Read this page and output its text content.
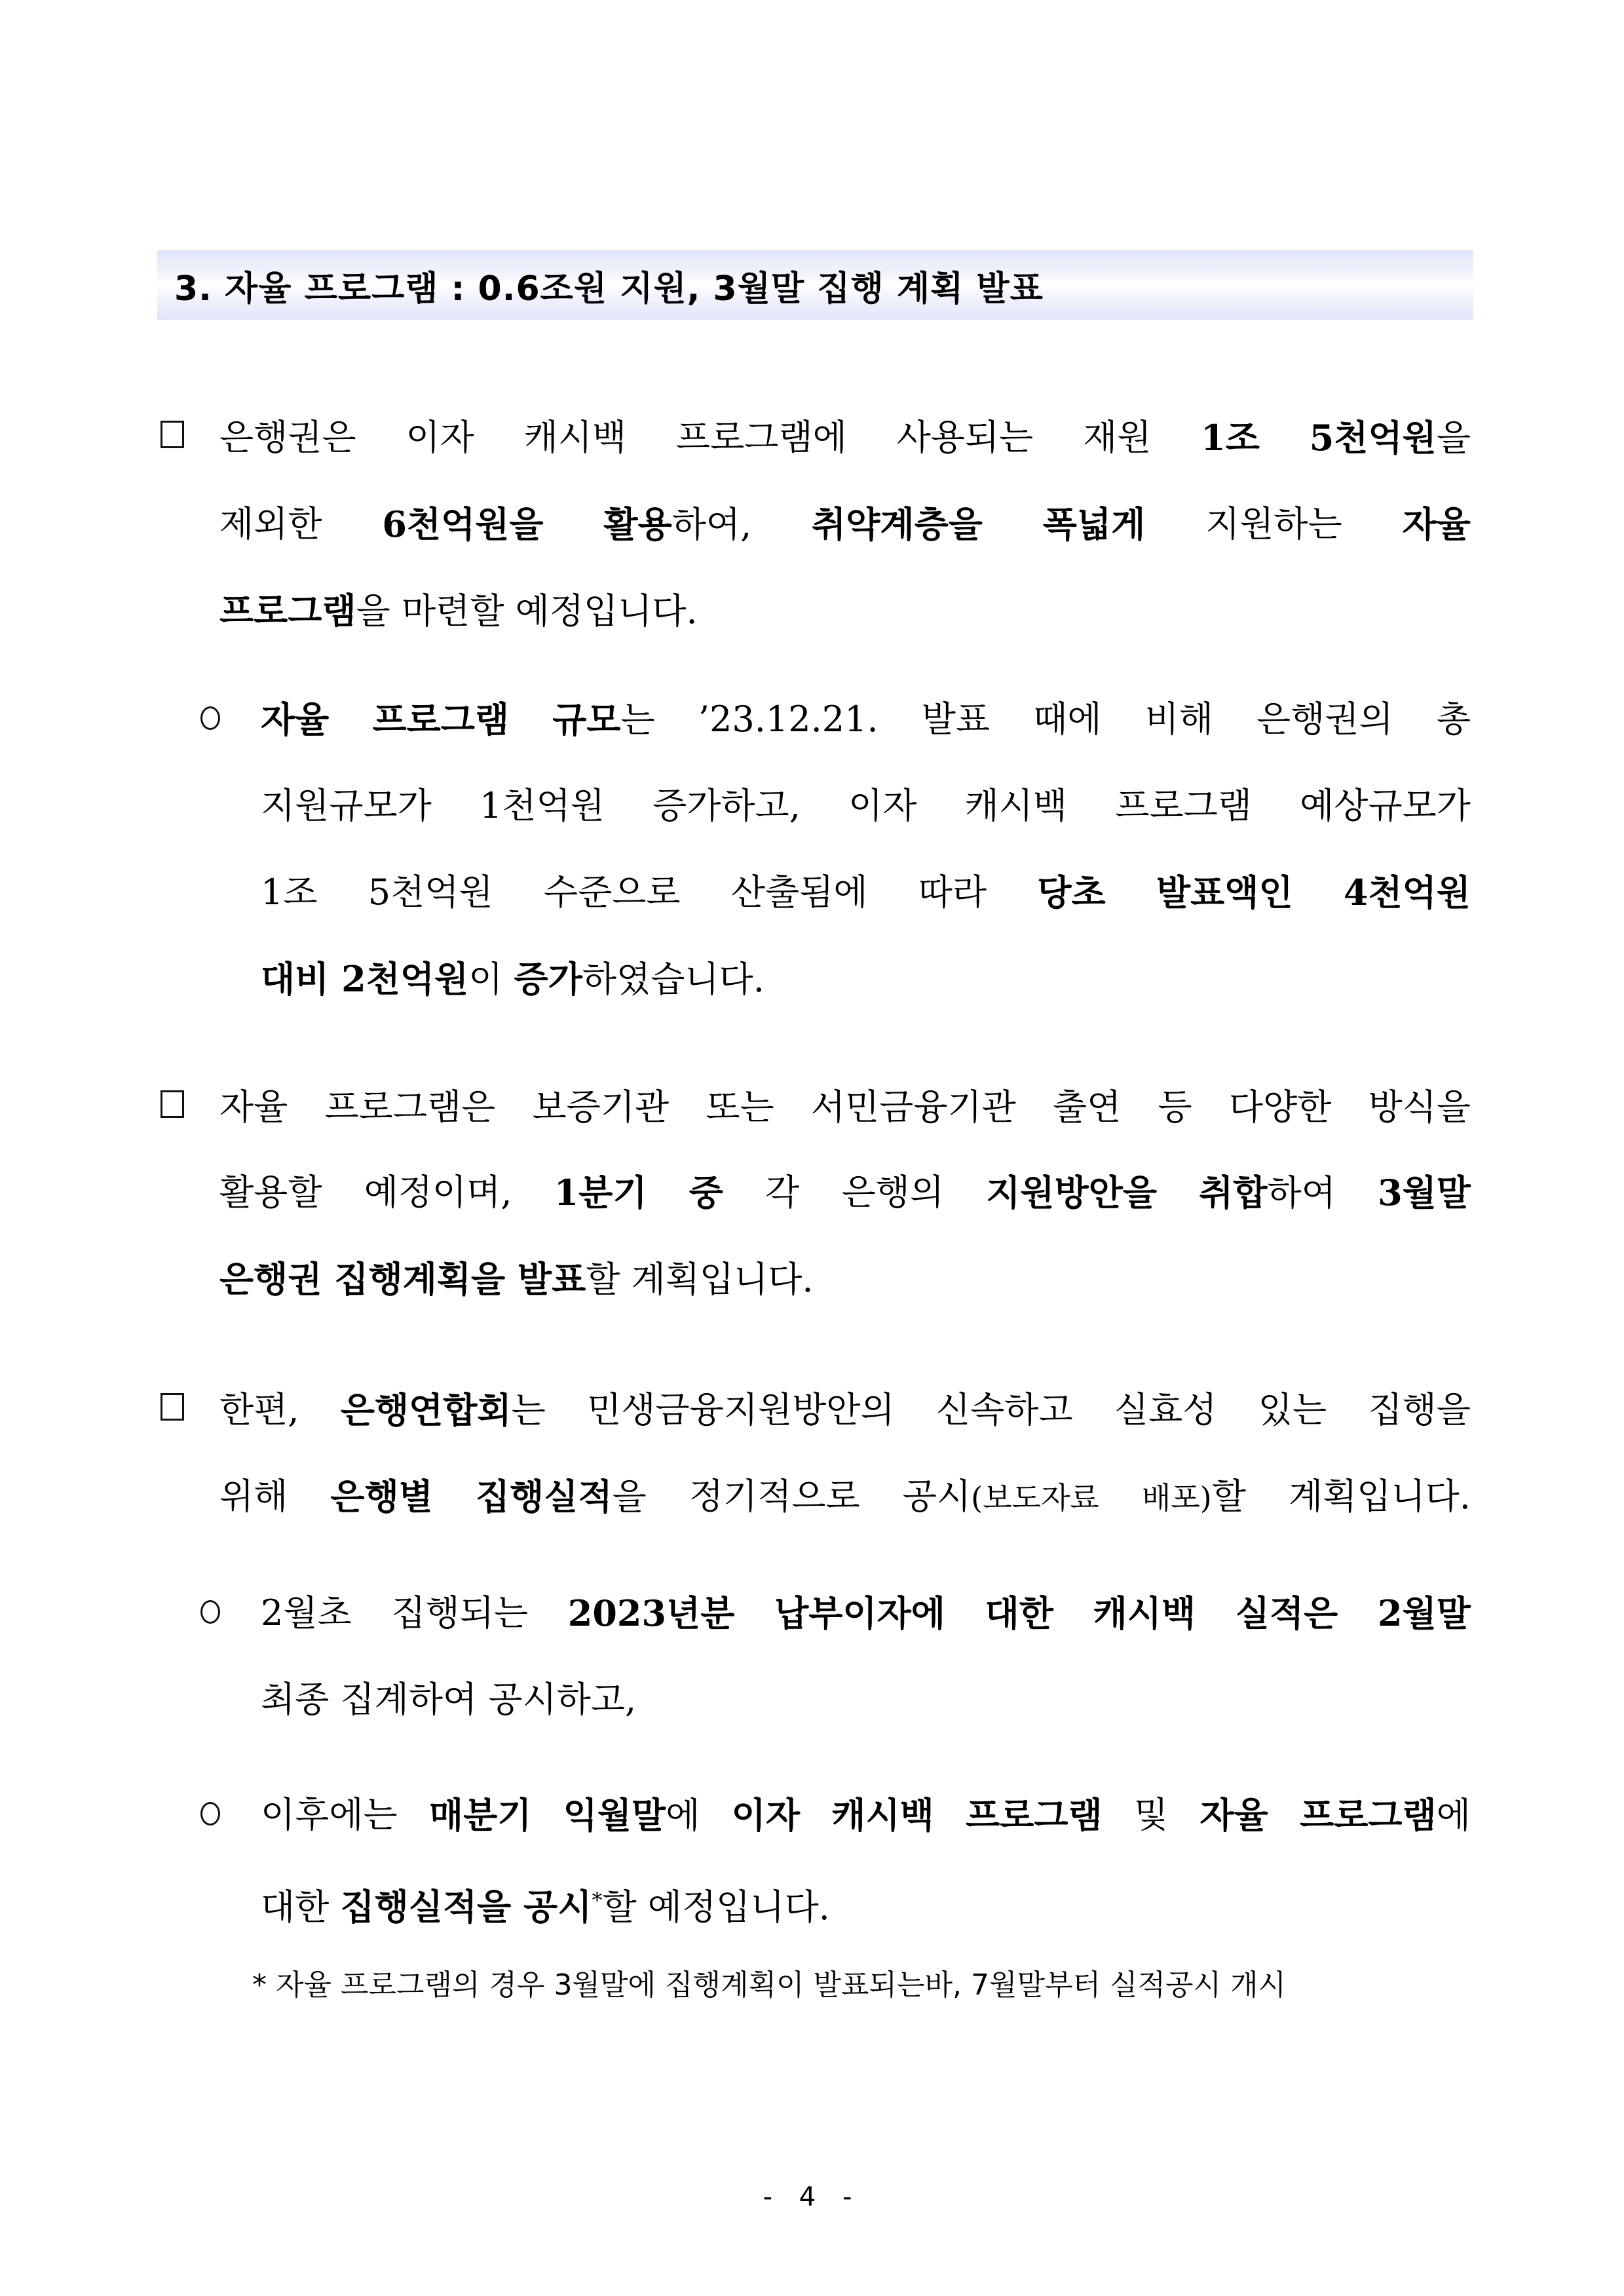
3. 자율 프로그램 : 0.6조원 지원, 3월말 집행 계획 발표
은행권은 이자 캐시백 프로그램에 사용되는 재원 1조 5천억원을
제외한 6천억원을 활용하여, 취약계층을 폭넓게 지원하는 자율
프로그램을 마련할 예정입니다.
자율 프로그램 규모는 ’23.12.21. 발표 때에 비해 은행권의 총
지원규모가 1천억원 증가하고, 이자 캐시백 프로그램 예상규모가
1조 5천억원 수준으로 산출됨에 따라 당초 발표액인 4천억원
대비 2천억원이 증가하였습니다.
자율 프로그램은 보증기관 또는 서민금융기관 출연 등 다양한 방식을
활용할 예정이며, 1분기 중 각 은행의 지원방안을 취합하여 3월말
은행권 집행계획을 발표할 계획입니다.
한편, 은행연합회는 민생금융지원방안의 신속하고 실효성 있는 집행을
위해 은행별 집행실적을 정기적으로 공시(보도자료 배포)할 계획입니다.
2월초 집행되는 2023년분 납부이자에 대한 캐시백 실적은 2월말
최종 집계하여 공시하고,
이후에는 매분기 익월말에 이자 캐시백 프로그램 및 자율 프로그램에
대한 집행실적을 공시*할 예정입니다.
* 자율 프로그램의 경우 3월말에 집행계획이 발표되는바, 7월말부터 실적공시 개시
- 4 -
